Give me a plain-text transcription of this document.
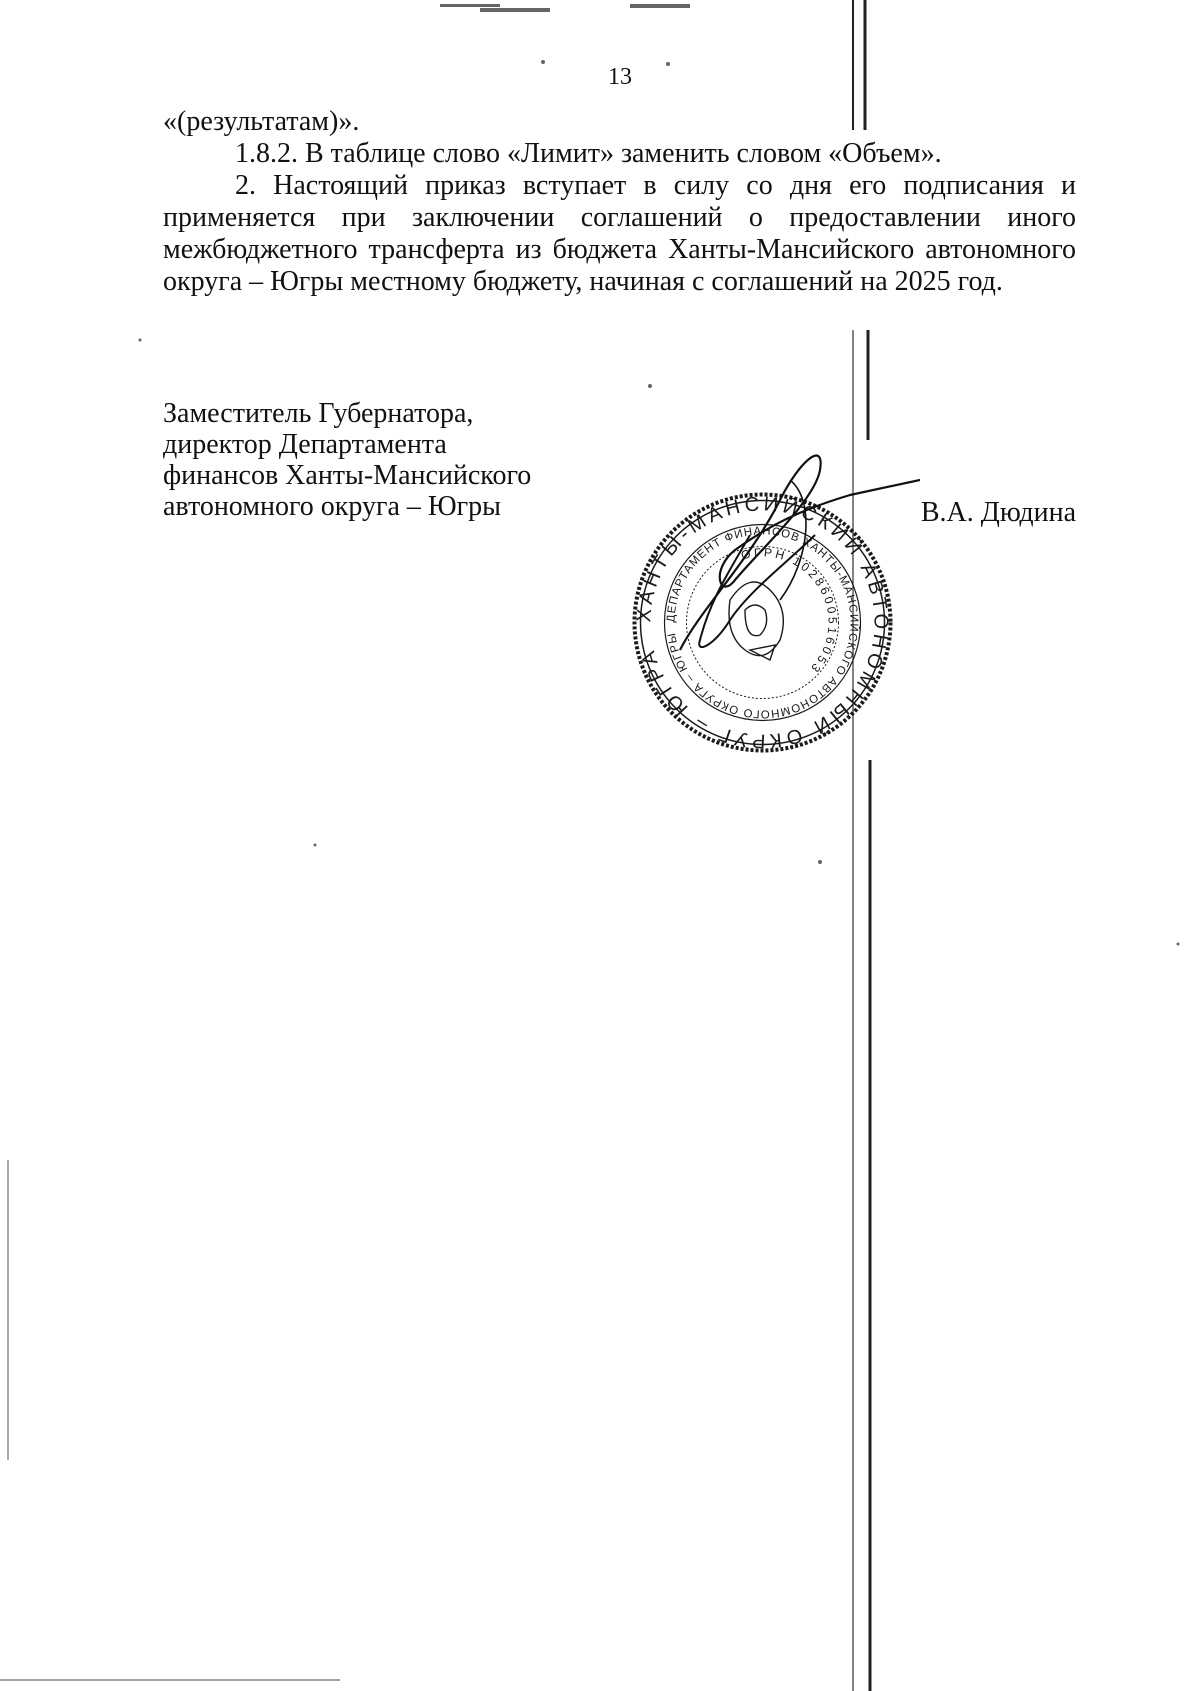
13

«(результатам)».

1.8.2. В таблице слово «Лимит» заменить словом «Объем».

2. Настоящий приказ вступает в силу со дня его подписания и применяется при заключении соглашений о предоставлении иного межбюджетного трансферта из бюджета Ханты-Мансийского автономного округа – Югры местному бюджету, начиная с соглашений на 2025 год.

Заместитель Губернатора,
директор Департамента
финансов Ханты-Мансийского
автономного округа – Югры	В.А. Дюдина
ХАНТЫ-МАНСИЙСКИЙ АВТОНОМНЫЙ ОКРУГ – ЮГРА
ДЕПАРТАМЕНТ ФИНАНСОВ ХАНТЫ-МАНСИЙСКОГО АВТОНОМНОГО ОКРУГА – ЮГРЫ
ОГРН 1028600516053
